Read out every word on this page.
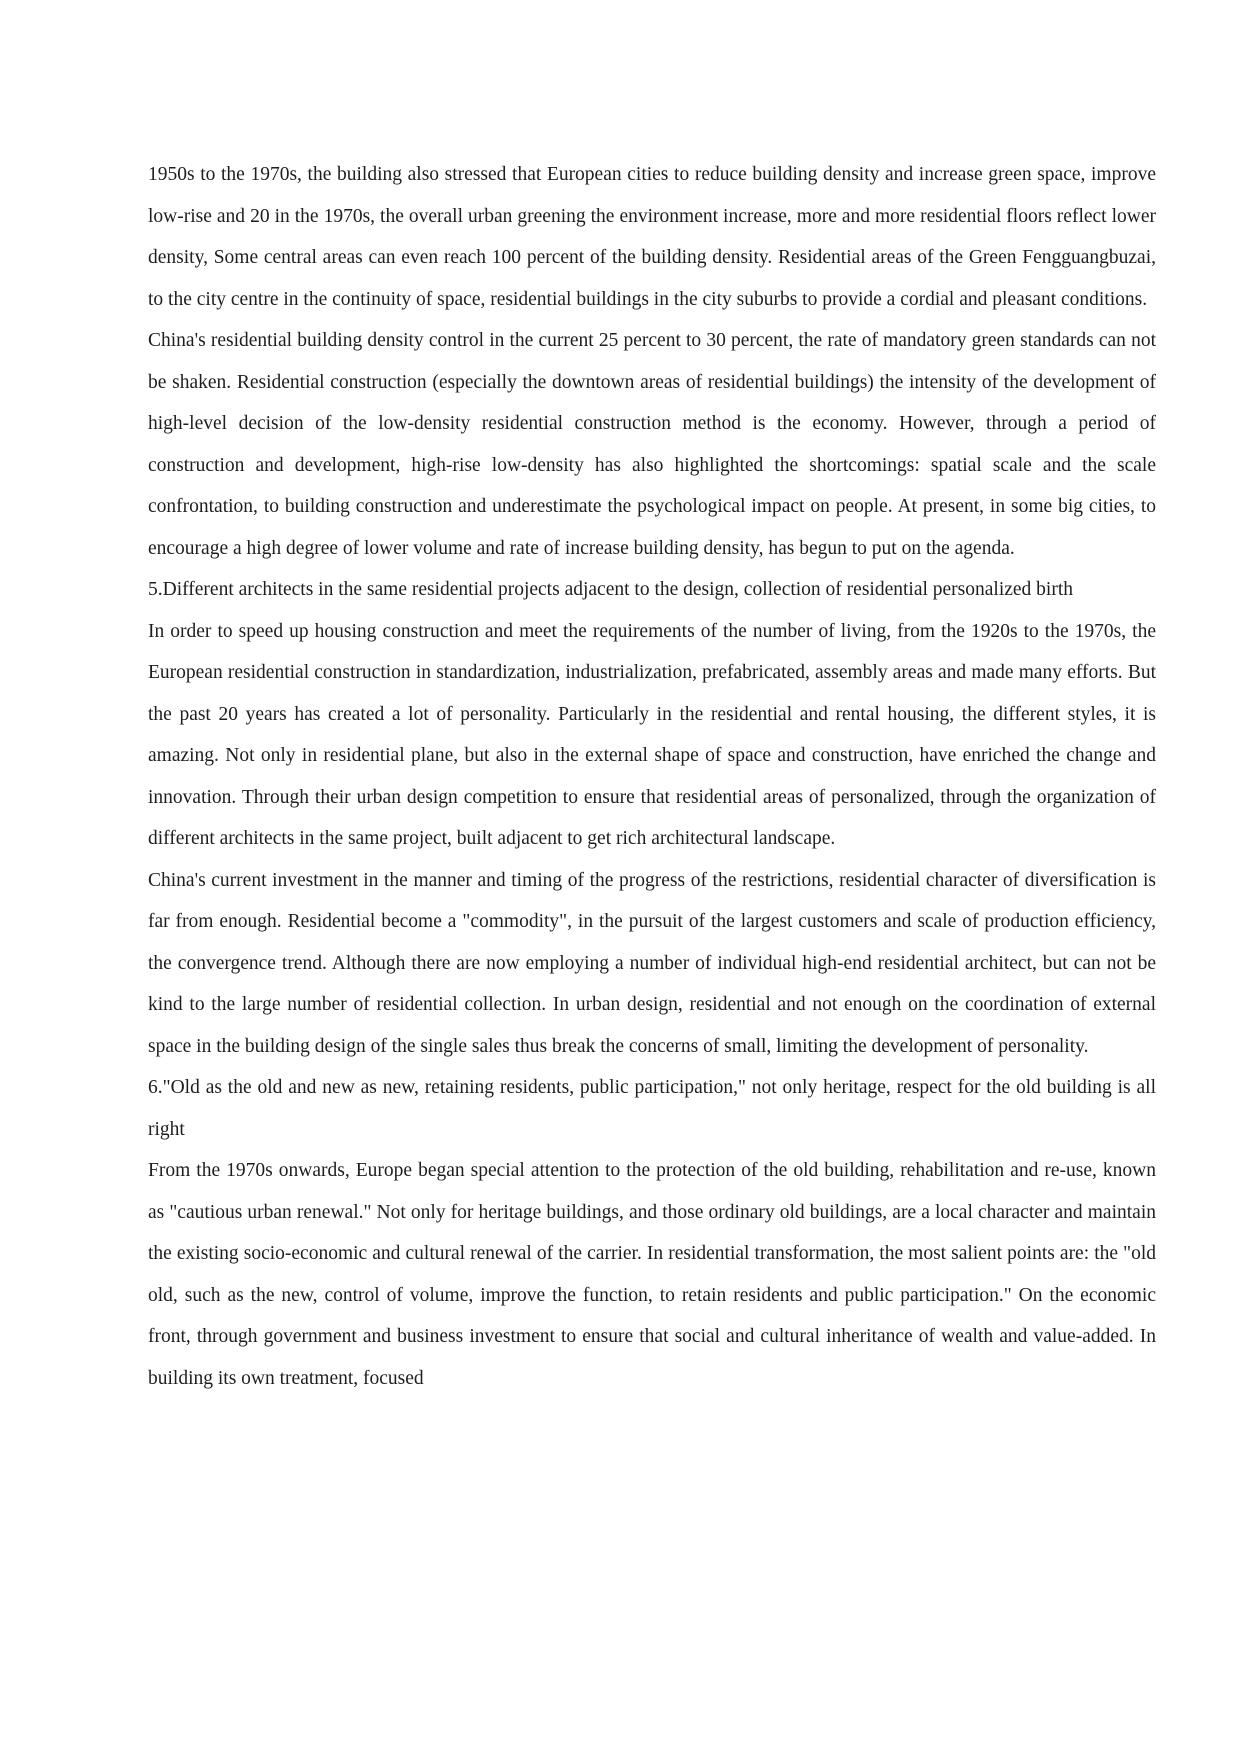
1950s to the 1970s, the building also stressed that European cities to reduce building density and increase green space, improve low-rise and 20 in the 1970s, the overall urban greening the environment increase, more and more residential floors reflect lower density, Some central areas can even reach 100 percent of the building density. Residential areas of the Green Fengguangbuzai, to the city centre in the continuity of space, residential buildings in the city suburbs to provide a cordial and pleasant conditions.

China's residential building density control in the current 25 percent to 30 percent, the rate of mandatory green standards can not be shaken. Residential construction (especially the downtown areas of residential buildings) the intensity of the development of high-level decision of the low-density residential construction method is the economy. However, through a period of construction and development, high-rise low-density has also highlighted the shortcomings: spatial scale and the scale confrontation, to building construction and underestimate the psychological impact on people. At present, in some big cities, to encourage a high degree of lower volume and rate of increase building density, has begun to put on the agenda.

5.Different architects in the same residential projects adjacent to the design, collection of residential personalized birth

In order to speed up housing construction and meet the requirements of the number of living, from the 1920s to the 1970s, the European residential construction in standardization, industrialization, prefabricated, assembly areas and made many efforts. But the past 20 years has created a lot of personality. Particularly in the residential and rental housing, the different styles, it is amazing. Not only in residential plane, but also in the external shape of space and construction, have enriched the change and innovation. Through their urban design competition to ensure that residential areas of personalized, through the organization of different architects in the same project, built adjacent to get rich architectural landscape.

China's current investment in the manner and timing of the progress of the restrictions, residential character of diversification is far from enough. Residential become a "commodity", in the pursuit of the largest customers and scale of production efficiency, the convergence trend. Although there are now employing a number of individual high-end residential architect, but can not be kind to the large number of residential collection. In urban design, residential and not enough on the coordination of external space in the building design of the single sales thus break the concerns of small, limiting the development of personality.

6."Old as the old and new as new, retaining residents, public participation," not only heritage, respect for the old building is all right

From the 1970s onwards, Europe began special attention to the protection of the old building, rehabilitation and re-use, known as "cautious urban renewal." Not only for heritage buildings, and those ordinary old buildings, are a local character and maintain the existing socio-economic and cultural renewal of the carrier. In residential transformation, the most salient points are: the "old old, such as the new, control of volume, improve the function, to retain residents and public participation." On the economic front, through government and business investment to ensure that social and cultural inheritance of wealth and value-added. In building its own treatment, focused
